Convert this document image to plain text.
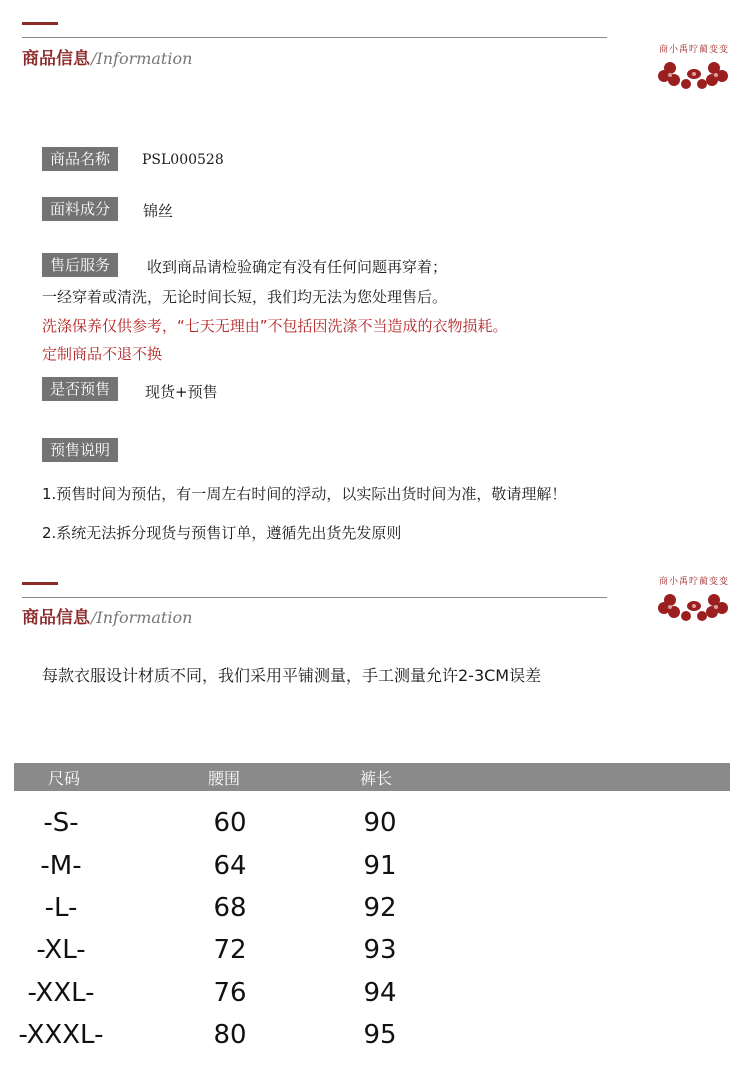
商品信息/Information	商小禹咛蔺变变
商品名称	PSL000528
面料成分	锦丝
售后服务	收到商品请检验确定有没有任何问题再穿着；
一经穿着或清洗，无论时间长短，我们均无法为您处理售后。
洗涤保养仅供参考，“七天无理由”不包括因洗涤不当造成的衣物损耗。
定制商品不退不换
是否预售	现货+预售
预售说明
1.预售时间为预估，有一周左右时间的浮动，以实际出货时间为准，敬请理解！
2.系统无法拆分现货与预售订单，遵循先出货先发原则
商品信息/Information
商小禹咛蔺变变
每款衣服设计材质不同，我们采用平铺测量，手工测量允许2-3CM误差
尺码	腰围	裤长
-S-	60	90
-M-	64	91
-L-	68	92
-XL-	72	93
-XXL-	76	94
-XXXL-	80	95
